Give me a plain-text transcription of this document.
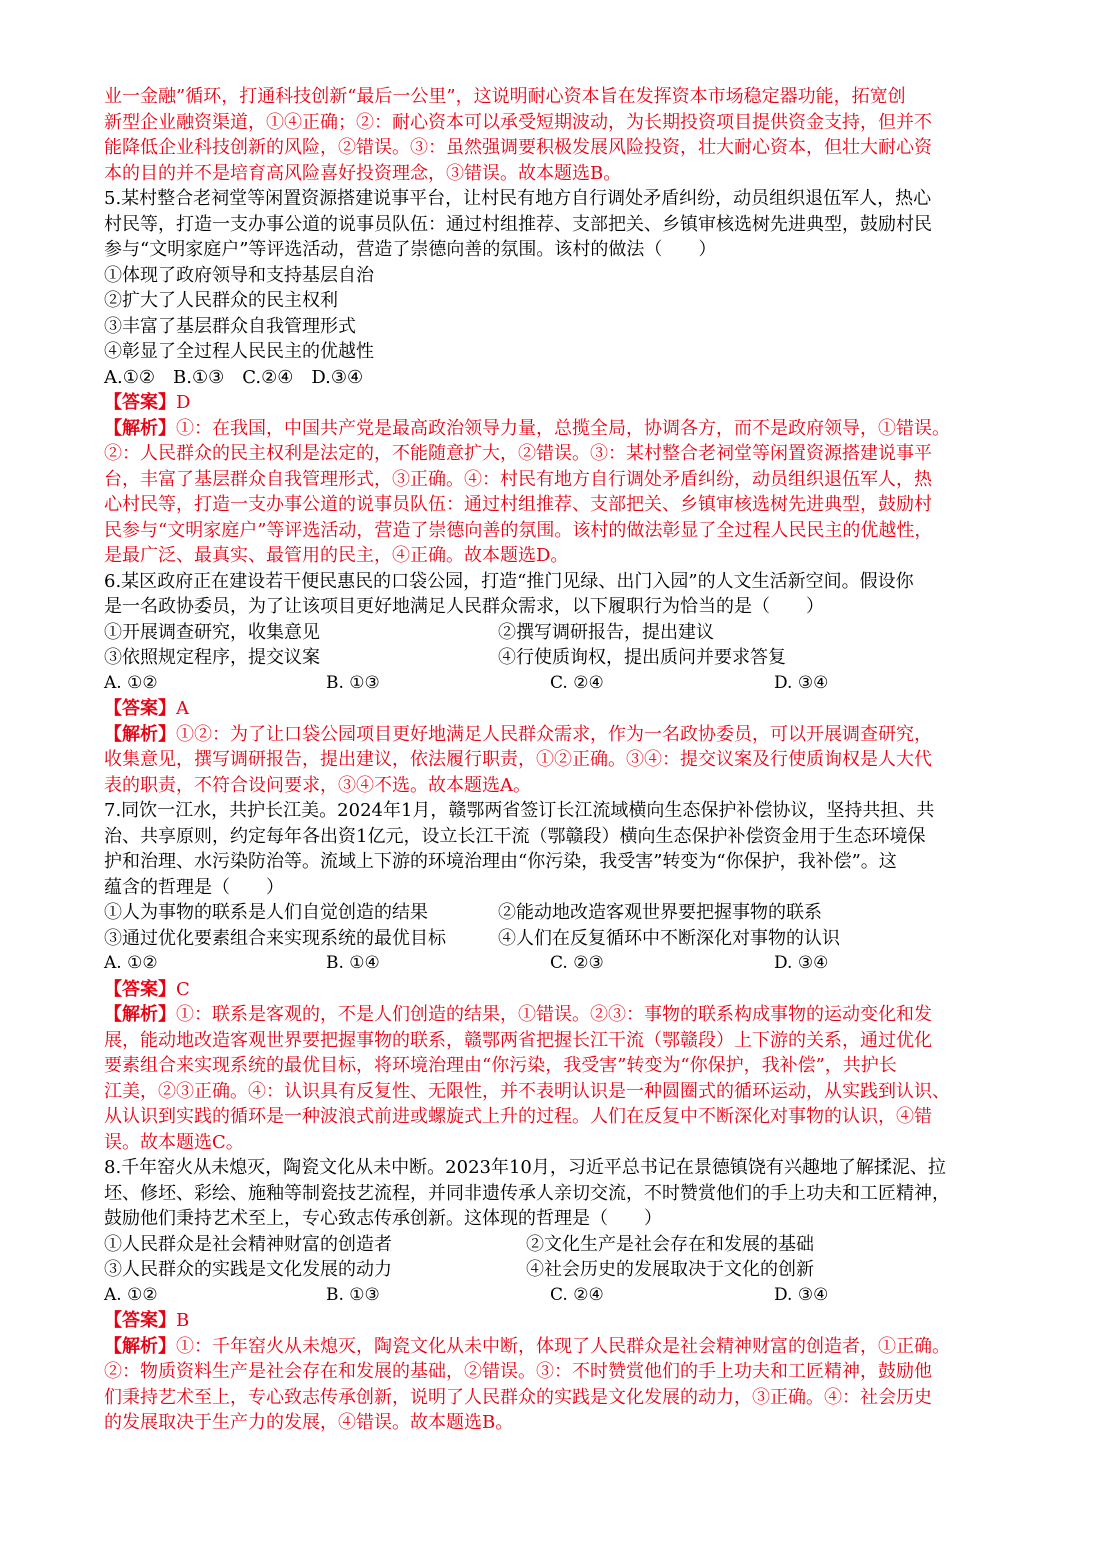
业一金融”循环，打通科技创新“最后一公里”，这说明耐心资本旨在发挥资本市场稳定器功能，拓宽创
新型企业融资渠道，①④正确；②：耐心资本可以承受短期波动，为长期投资项目提供资金支持，但并不
能降低企业科技创新的风险，②错误。③：虽然强调要积极发展风险投资，壮大耐心资本，但壮大耐心资
本的目的并不是培育高风险喜好投资理念，③错误。故本题选B。
5.某村整合老祠堂等闲置资源搭建说事平台，让村民有地方自行调处矛盾纠纷，动员组织退伍军人，热心
村民等，打造一支办事公道的说事员队伍：通过村组推荐、支部把关、乡镇审核选树先进典型，鼓励村民
参与“文明家庭户”等评选活动，营造了崇德向善的氛围。该村的做法（　　）
①体现了政府领导和支持基层自治
②扩大了人民群众的民主权利
③丰富了基层群众自我管理形式
④彰显了全过程人民民主的优越性
A.①②　B.①③　C.②④　D.③④
【答案】D
【解析】①：在我国，中国共产党是最高政治领导力量，总揽全局，协调各方，而不是政府领导，①错误。
②：人民群众的民主权利是法定的，不能随意扩大，②错误。③：某村整合老祠堂等闲置资源搭建说事平
台，丰富了基层群众自我管理形式，③正确。④：村民有地方自行调处矛盾纠纷，动员组织退伍军人，热
心村民等，打造一支办事公道的说事员队伍：通过村组推荐、支部把关、乡镇审核选树先进典型，鼓励村
民参与“文明家庭户”等评选活动，营造了崇德向善的氛围。该村的做法彰显了全过程人民民主的优越性，
是最广泛、最真实、最管用的民主，④正确。故本题选D。
6.某区政府正在建设若干便民惠民的口袋公园，打造“推门见绿、出门入园”的人文生活新空间。假设你
是一名政协委员，为了让该项目更好地满足人民群众需求，以下履职行为恰当的是（　　）
①开展调查研究，收集意见	②撰写调研报告，提出建议
③依照规定程序，提交议案	④行使质询权，提出质问并要求答复
A. ①②	B. ①③	C. ②④	D. ③④
【答案】A
【解析】①②：为了让口袋公园项目更好地满足人民群众需求，作为一名政协委员，可以开展调查研究，
收集意见，撰写调研报告，提出建议，依法履行职责，①②正确。③④：提交议案及行使质询权是人大代
表的职责，不符合设问要求，③④不选。故本题选A。
7.同饮一江水，共护长江美。2024年1月，赣鄂两省签订长江流域横向生态保护补偿协议，坚持共担、共
治、共享原则，约定每年各出资1亿元，设立长江干流（鄂赣段）横向生态保护补偿资金用于生态环境保
护和治理、水污染防治等。流域上下游的环境治理由“你污染，我受害”转变为“你保护，我补偿”。这
蕴含的哲理是（　　）
①人为事物的联系是人们自觉创造的结果	②能动地改造客观世界要把握事物的联系
③通过优化要素组合来实现系统的最优目标	④人们在反复循环中不断深化对事物的认识
A. ①②	B. ①④	C. ②③	D. ③④
【答案】C
【解析】①：联系是客观的，不是人们创造的结果，①错误。②③：事物的联系构成事物的运动变化和发
展，能动地改造客观世界要把握事物的联系，赣鄂两省把握长江干流（鄂赣段）上下游的关系，通过优化
要素组合来实现系统的最优目标，将环境治理由“你污染，我受害”转变为“你保护，我补偿”，共护长
江美，②③正确。④：认识具有反复性、无限性，并不表明认识是一种圆圈式的循环运动，从实践到认识、
从认识到实践的循环是一种波浪式前进或螺旋式上升的过程。人们在反复中不断深化对事物的认识，④错
误。故本题选C。
8.千年窑火从未熄灭，陶瓷文化从未中断。2023年10月，习近平总书记在景德镇饶有兴趣地了解揉泥、拉
坯、修坯、彩绘、施釉等制瓷技艺流程，并同非遗传承人亲切交流，不时赞赏他们的手上功夫和工匠精神，
鼓励他们秉持艺术至上，专心致志传承创新。这体现的哲理是（　　）
①人民群众是社会精神财富的创造者	②文化生产是社会存在和发展的基础
③人民群众的实践是文化发展的动力	④社会历史的发展取决于文化的创新
A. ①②	B. ①③	C. ②④	D. ③④
【答案】B
【解析】①：千年窑火从未熄灭，陶瓷文化从未中断，体现了人民群众是社会精神财富的创造者，①正确。
②：物质资料生产是社会存在和发展的基础，②错误。③：不时赞赏他们的手上功夫和工匠精神，鼓励他
们秉持艺术至上，专心致志传承创新，说明了人民群众的实践是文化发展的动力，③正确。④：社会历史
的发展取决于生产力的发展，④错误。故本题选B。
